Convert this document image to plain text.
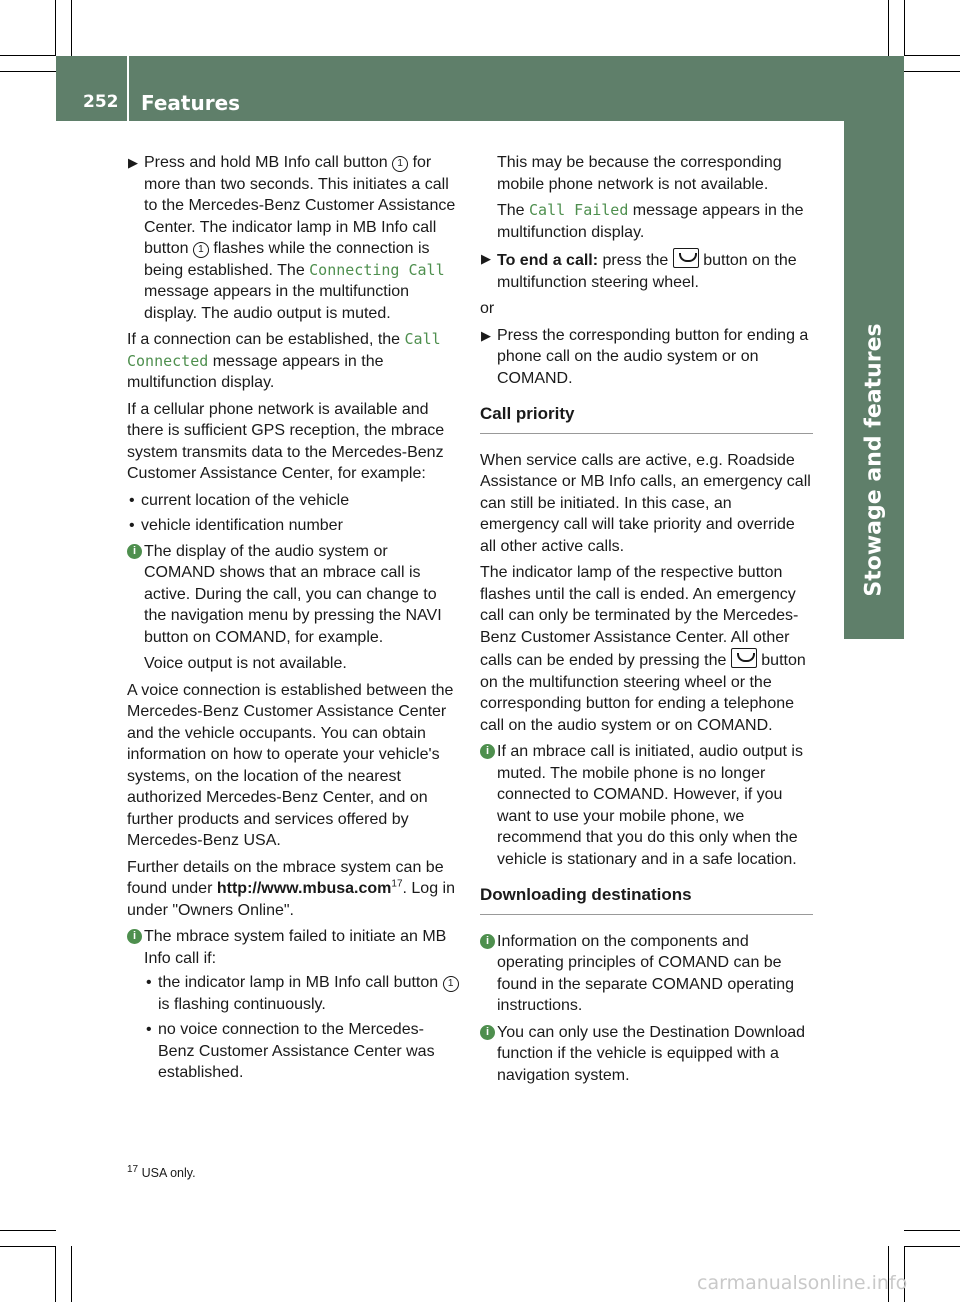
252 Features
Stowage and features
▶ Press and hold MB Info call button 1 for more than two seconds. This initiates a call to the Mercedes-Benz Customer Assistance Center. The indicator lamp in MB Info call button 1 flashes while the connection is being established. The Connecting Call message appears in the multifunction display. The audio output is muted.

If a connection can be established, the Call Connected message appears in the multifunction display.

If a cellular phone network is available and there is sufficient GPS reception, the mbrace system transmits data to the Mercedes-Benz Customer Assistance Center, for example:

• current location of the vehicle
• vehicle identification number
i The display of the audio system or COMAND shows that an mbrace call is active. During the call, you can change to the navigation menu by pressing the NAVI button on COMAND, for example.
Voice output is not available.

A voice connection is established between the Mercedes-Benz Customer Assistance Center and the vehicle occupants. You can obtain information on how to operate your vehicle's systems, on the location of the nearest authorized Mercedes-Benz Center, and on further products and services offered by Mercedes-Benz USA.

Further details on the mbrace system can be found under http://www.mbusa.com$^{17}$. Log in under "Owners Online".

i The mbrace system failed to initiate an MB Info call if:
• the indicator lamp in MB Info call button 1 is flashing continuously.
• no voice connection to the Mercedes-Benz Customer Assistance Center was established.

This may be because the corresponding mobile phone network is not available.

The Call Failed message appears in the multifunction display.

▶ To end a call: press the  button on the multifunction steering wheel.

or

▶ Press the corresponding button for ending a phone call on the audio system or on COMAND.
Call priority

When service calls are active, e.g. Roadside Assistance or MB Info calls, an emergency call can still be initiated. In this case, an emergency call will take priority and override all other active calls.

The indicator lamp of the respective button flashes until the call is ended. An emergency call can only be terminated by the Mercedes-Benz Customer Assistance Center. All other calls can be ended by pressing the  button on the multifunction steering wheel or the corresponding button for ending a telephone call on the audio system or on COMAND.

i If an mbrace call is initiated, audio output is muted. The mobile phone is no longer connected to COMAND. However, if you want to use your mobile phone, we recommend that you do this only when the vehicle is stationary and in a safe location.
Downloading destinations
i Information on the components and operating principles of COMAND can be found in the separate COMAND operating instructions.
i You can only use the Destination Download function if the vehicle is equipped with a navigation system.
$^{17}$ USA only.
carmanualsonline.info
